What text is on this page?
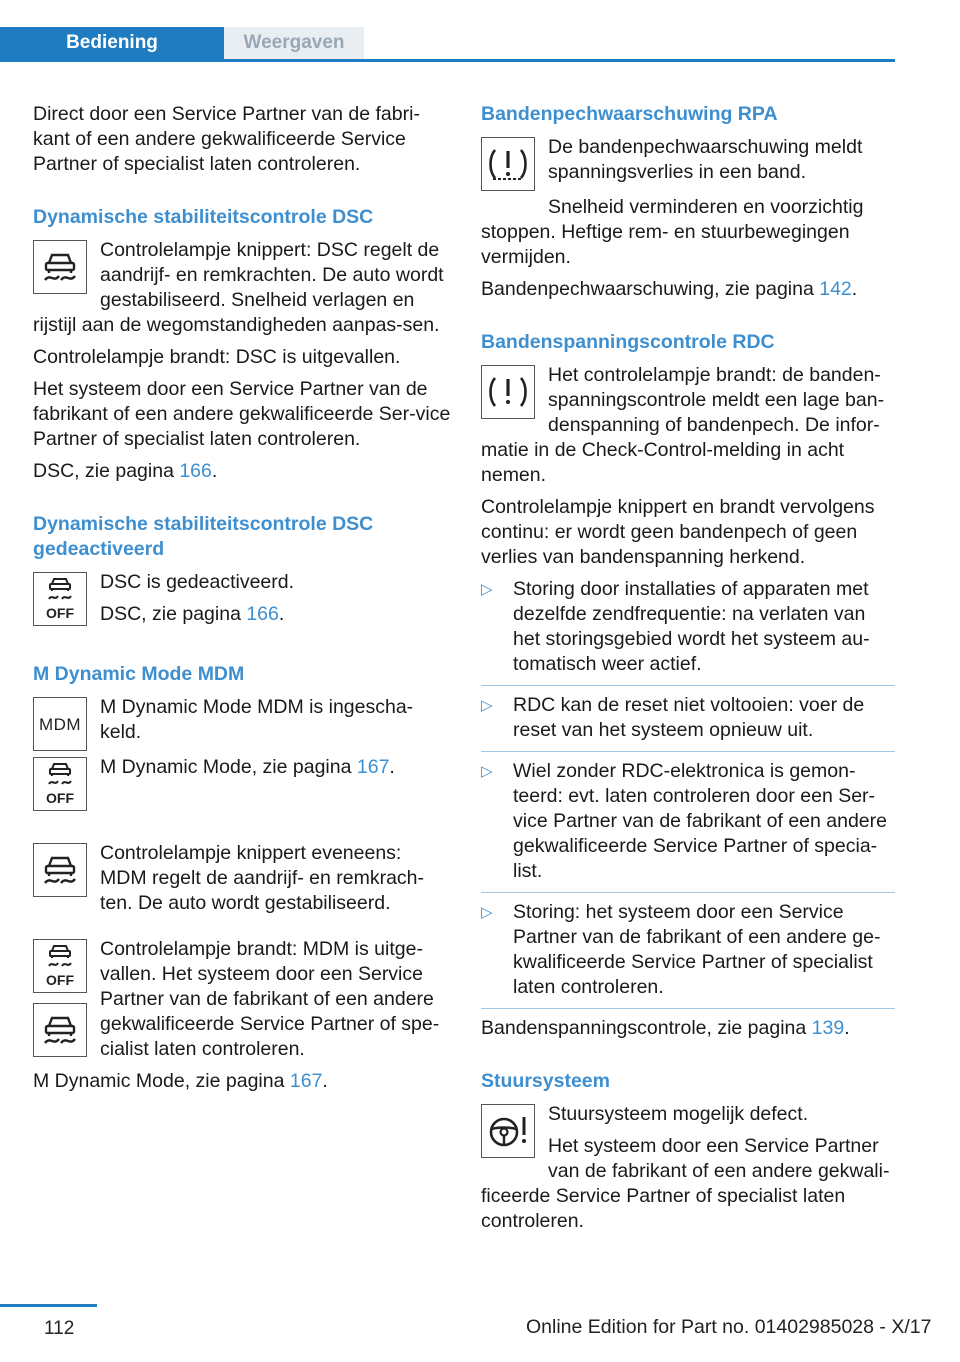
Bediening	Weergaven

Direct door een Service Partner van de fabri-kant of een andere gekwalificeerde Service Partner of specialist laten controleren.

Dynamische stabiliteitscontrole DSC

Controlelampje knippert: DSC regelt de aandrijf- en remkrachten. De auto wordt gestabiliseerd. Snelheid verlagen en rijstijl aan de wegomstandigheden aanpas-sen.

Controlelampje brandt: DSC is uitgevallen.

Het systeem door een Service Partner van de fabrikant of een andere gekwalificeerde Ser-vice Partner of specialist laten controleren.

DSC, zie pagina 166.

Dynamische stabiliteitscontrole DSC gedeactiveerd
OFF

DSC is gedeactiveerd.

DSC, zie pagina 166.

M Dynamic Mode MDM
MDM

M Dynamic Mode MDM is ingescha-keld.

OFF

M Dynamic Mode, zie pagina 167.

Controlelampje knippert eveneens: MDM regelt de aandrijf- en remkrach-ten. De auto wordt gestabiliseerd.

OFF

Controlelampje brandt: MDM is uitge-vallen. Het systeem door een Service Partner van de fabrikant of een andere gekwalificeerde Service Partner of spe-cialist laten controleren.

M Dynamic Mode, zie pagina 167.

Bandenpechwaarschuwing RPA

De bandenpechwaarschuwing meldt spanningsverlies in een band.

Snelheid verminderen en voorzichtig stoppen. Heftige rem- en stuurbewegingen vermijden.

Bandenpechwaarschuwing, zie pagina 142.

Bandenspanningscontrole RDC

Het controlelampje brandt: de banden-spanningscontrole meldt een lage ban-denspanning of bandenpech. De infor-matie in de Check-Control-melding in acht nemen.

Controlelampje knippert en brandt vervolgens continu: er wordt geen bandenpech of geen verlies van bandenspanning herkend.

▷ Storing door installaties of apparaten met dezelfde zendfrequentie: na verlaten van het storingsgebied wordt het systeem au-tomatisch weer actief.
▷ RDC kan de reset niet voltooien: voer de reset van het systeem opnieuw uit.
▷ Wiel zonder RDC-elektronica is gemon-teerd: evt. laten controleren door een Ser-vice Partner van de fabrikant of een andere gekwalificeerde Service Partner of specia-list.
▷ Storing: het systeem door een Service Partner van de fabrikant of een andere ge-kwalificeerde Service Partner of specialist laten controleren.

Bandenspanningscontrole, zie pagina 139.

Stuursysteem

Stuursysteem mogelijk defect.

Het systeem door een Service Partner van de fabrikant of een andere gekwali-ficeerde Service Partner of specialist laten controleren.

112	Online Edition for Part no. 01402985028 - X/17
